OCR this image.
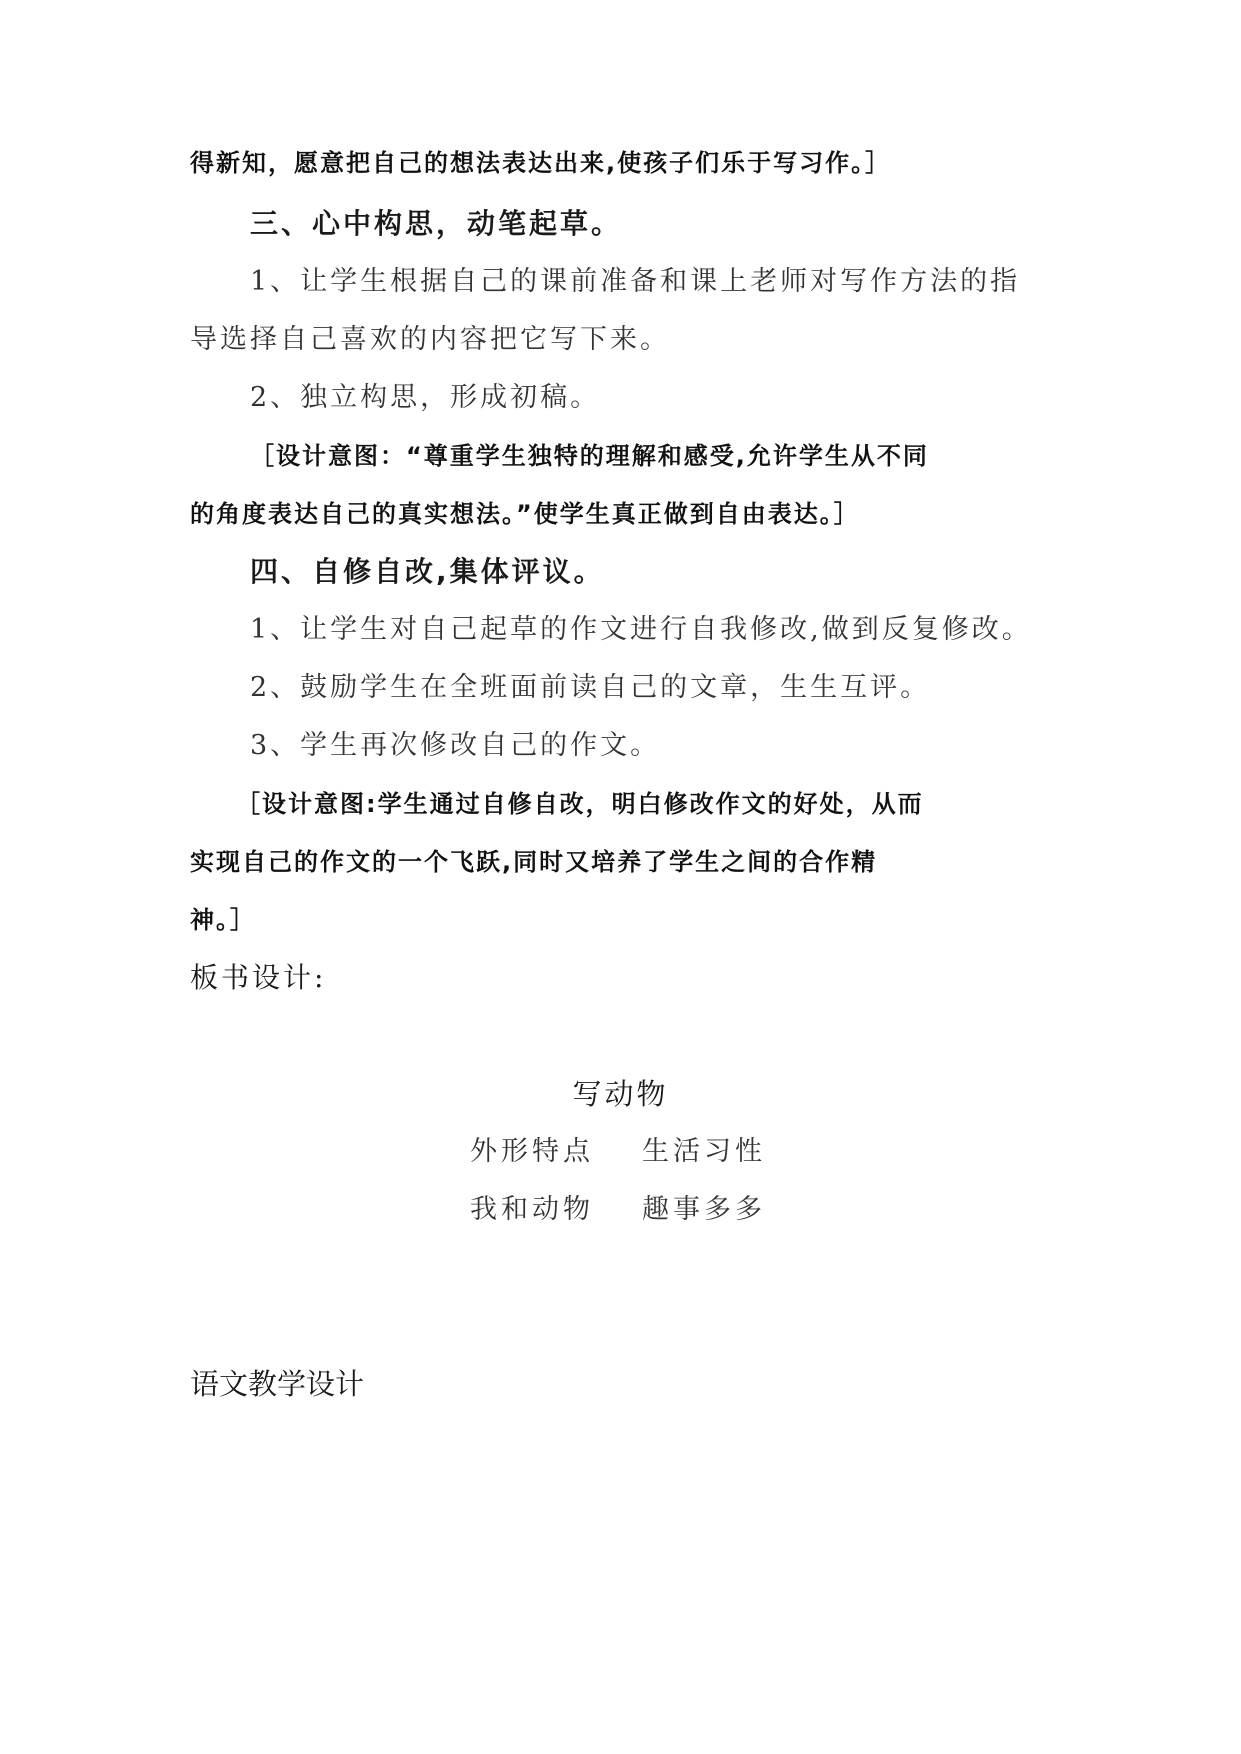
得新知，愿意把自己的想法表达出来,使孩子们乐于写习作。］
三、心中构思，动笔起草。
1、让学生根据自己的课前准备和课上老师对写作方法的指
导选择自己喜欢的内容把它写下来。
2、独立构思，形成初稿。
［设计意图：“尊重学生独特的理解和感受,允许学生从不同
的角度表达自己的真实想法。”使学生真正做到自由表达。］
四、自修自改,集体评议。
1、让学生对自己起草的作文进行自我修改,做到反复修改。
2、鼓励学生在全班面前读自己的文章，生生互评。
3、学生再次修改自己的作文。
［设计意图:学生通过自修自改，明白修改作文的好处，从而
实现自己的作文的一个飞跃,同时又培养了学生之间的合作精
神。］
板书设计:
写动物
外形特点 生活习性
我和动物 趣事多多
语文教学设计
